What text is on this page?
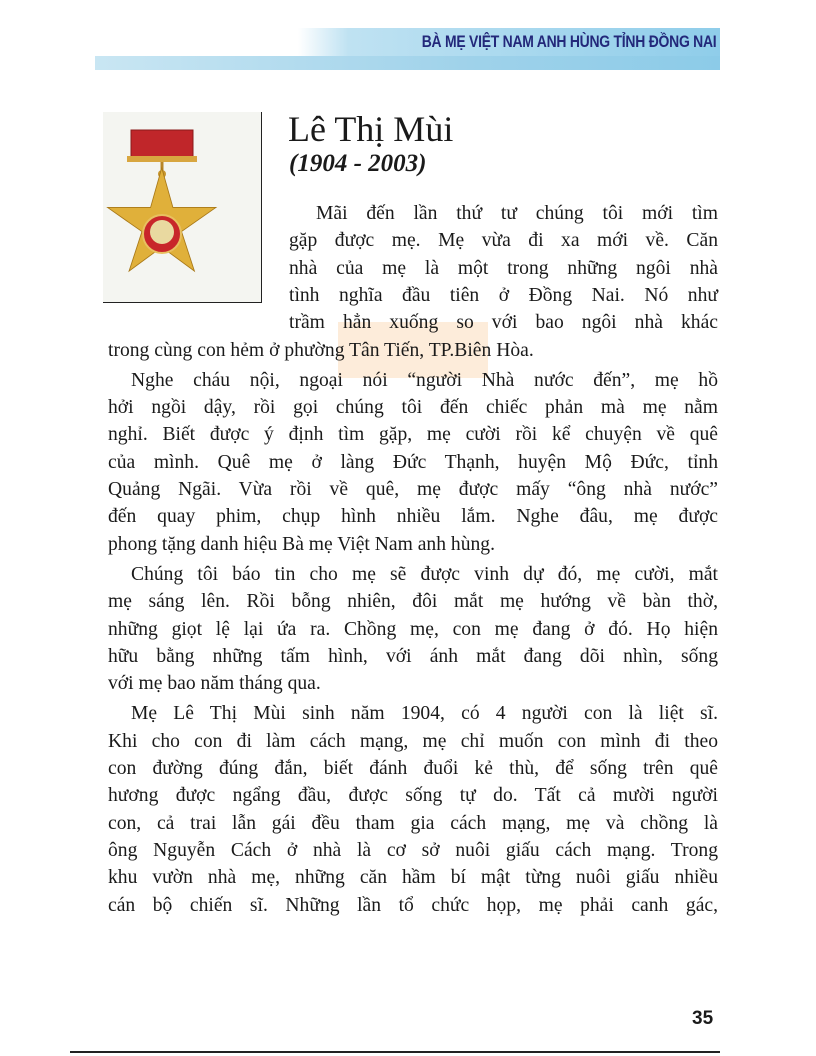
BÀ MẸ VIỆT NAM ANH HÙNG TỈNH ĐỒNG NAI
Lê Thị Mùi
(1904 - 2003)
Mãi đến lần thứ tư chúng tôi mới tìm
gặp được mẹ. Mẹ vừa đi xa mới về. Căn
nhà của mẹ là một trong những ngôi nhà
tình nghĩa đầu tiên ở Đồng Nai. Nó như
trầm hẳn xuống so với bao ngôi nhà khác
trong cùng con hẻm ở phường Tân Tiến, TP.Biên Hòa.
Nghe cháu nội, ngoại nói “người Nhà nước đến”, mẹ hồ
hởi ngồi dậy, rồi gọi chúng tôi đến chiếc phản mà mẹ nằm
nghỉ. Biết được ý định tìm gặp, mẹ cười rồi kể chuyện về quê
của mình. Quê mẹ ở làng Đức Thạnh, huyện Mộ Đức, tỉnh
Quảng Ngãi. Vừa rồi về quê, mẹ được mấy “ông nhà nước”
đến quay phim, chụp hình nhiều lắm. Nghe đâu, mẹ được
phong tặng danh hiệu Bà mẹ Việt Nam anh hùng.
Chúng tôi báo tin cho mẹ sẽ được vinh dự đó, mẹ cười, mắt
mẹ sáng lên. Rồi bỗng nhiên, đôi mắt mẹ hướng về bàn thờ,
những giọt lệ lại ứa ra. Chồng mẹ, con mẹ đang ở đó. Họ hiện
hữu bằng những tấm hình, với ánh mắt đang dõi nhìn, sống
với mẹ bao năm tháng qua.
Mẹ Lê Thị Mùi sinh năm 1904, có 4 người con là liệt sĩ.
Khi cho con đi làm cách mạng, mẹ chỉ muốn con mình đi theo
con đường đúng đắn, biết đánh đuổi kẻ thù, để sống trên quê
hương được ngẩng đầu, được sống tự do. Tất cả mười người
con, cả trai lẫn gái đều tham gia cách mạng, mẹ và chồng là
ông Nguyễn Cách ở nhà là cơ sở nuôi giấu cách mạng. Trong
khu vườn nhà mẹ, những căn hầm bí mật từng nuôi giấu nhiều
cán bộ chiến sĩ. Những lần tổ chức họp, mẹ phải canh gác,
35
